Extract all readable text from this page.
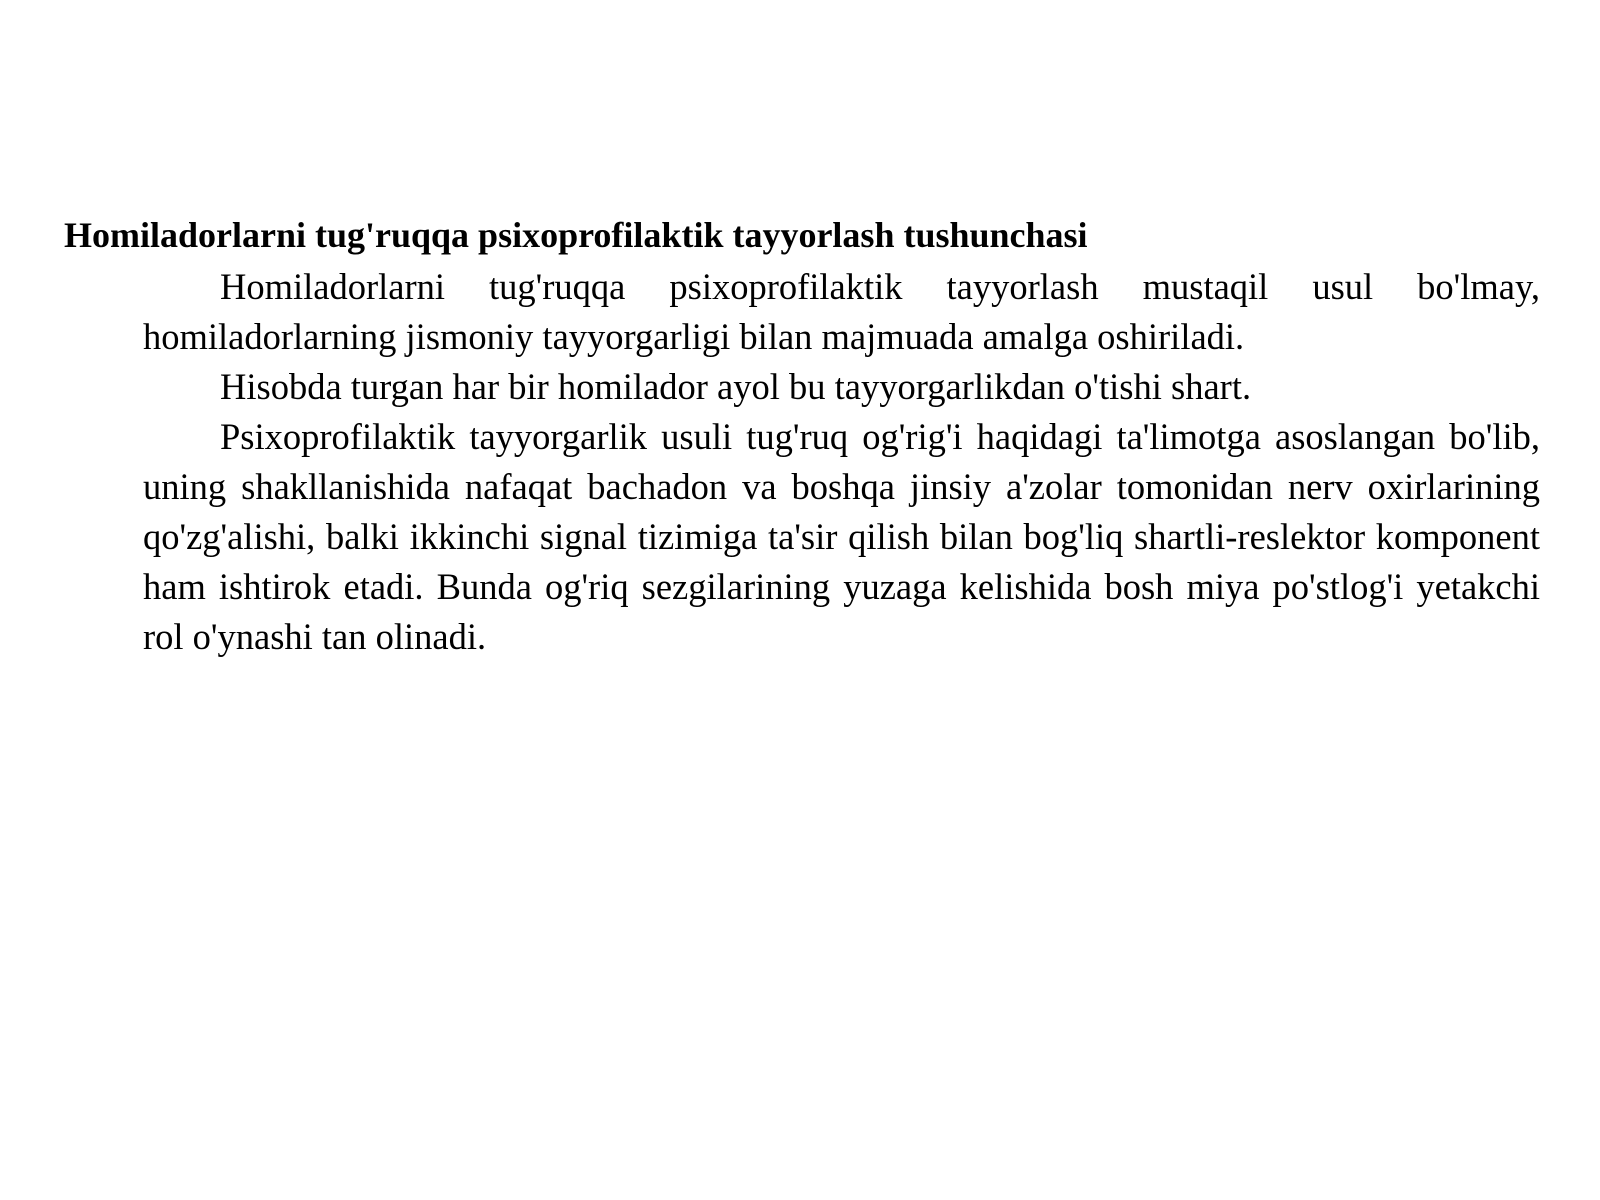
Homiladorlarni tug'ruqqa psixoprofilaktik tayyorlash tushunchasi

Homiladorlarni tug'ruqqa psixoprofilaktik tayyorlash mustaqil usul bo'lmay, homiladorlarning jismoniy tayyorgarligi bilan majmuada amalga oshiriladi.

Hisobda turgan har bir homilador ayol bu tayyorgarlikdan o'tishi shart.

Psixoprofilaktik tayyorgarlik usuli tug'ruq og'rig'i haqidagi ta'limotga asoslangan bo'lib, uning shakllanishida nafaqat bachadon va boshqa jinsiy a'zolar tomonidan nerv oxirlarining qo'zg'alishi, balki ikkinchi signal tizimiga ta'sir qilish bilan bog'liq shartli-reslektor komponent ham ishtirok etadi. Bunda og'riq sezgilarining yuzaga kelishida bosh miya po'stlog'i yetakchi rol o'ynashi tan olinadi.
